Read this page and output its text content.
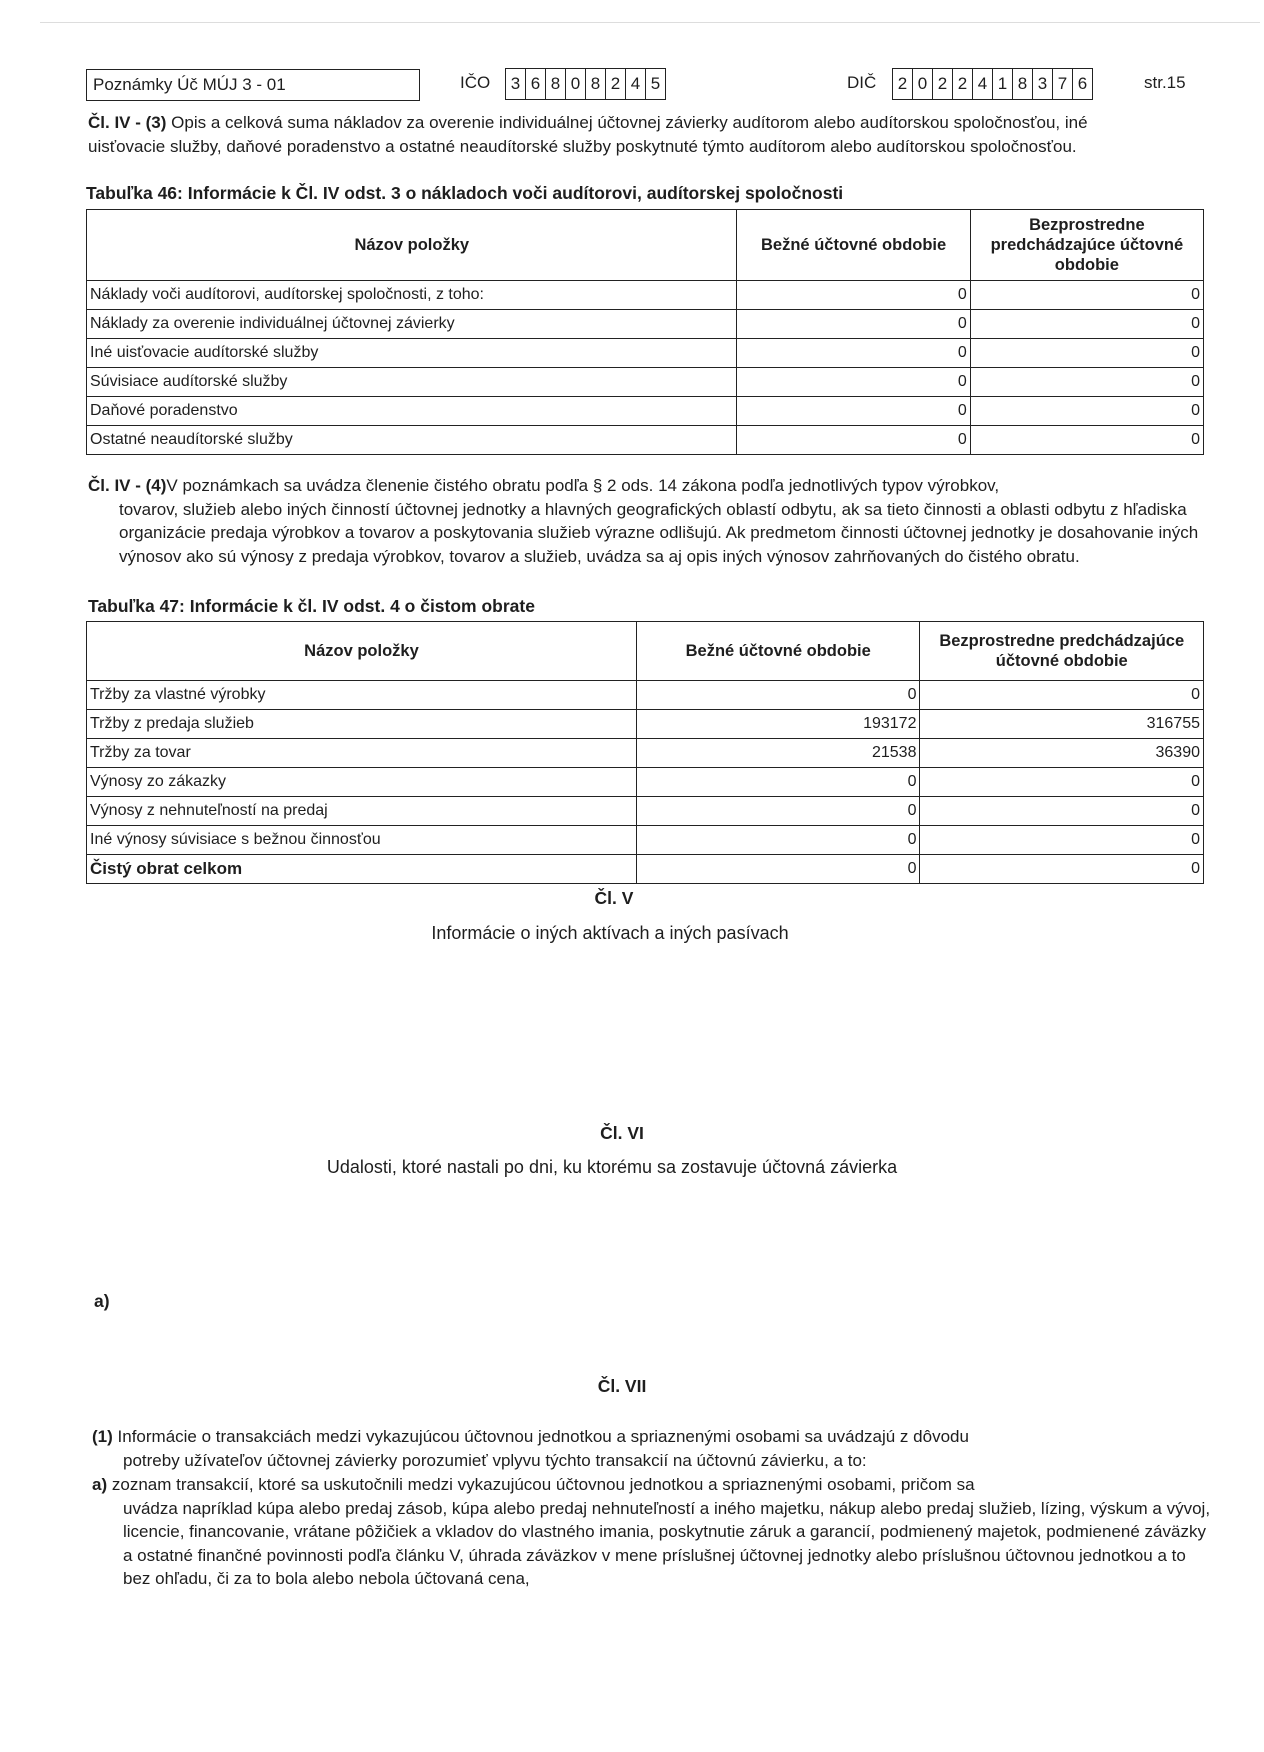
Poznámky Úč MÚJ 3 - 01	IČO 3 6 8 0 8 2 4 5	DIČ 2 0 2 2 4 1 8 3 7 6	str.15
Čl. IV - (3) Opis a celková suma nákladov za overenie individuálnej účtovnej závierky audítorom alebo audítorskou spoločnosťou, iné uisťovacie služby, daňové poradenstvo a ostatné neaudítorské služby poskytnuté týmto audítorom alebo audítorskou spoločnosťou.
Tabuľka 46: Informácie k Čl. IV odst. 3 o nákladoch voči audítorovi, audítorskej spoločnosti
Názov položky	Bežné účtovné obdobie	Bezprostredne predchádzajúce účtovné obdobie
Náklady voči audítorovi, audítorskej spoločnosti, z toho:	0	0
Náklady za overenie individuálnej účtovnej závierky	0	0
Iné uisťovacie audítorské služby	0	0
Súvisiace audítorské služby	0	0
Daňové poradenstvo	0	0
Ostatné neaudítorské služby	0	0
Čl. IV - (4)V poznámkach sa uvádza členenie čistého obratu podľa § 2 ods. 14 zákona podľa jednotlivých typov výrobkov,
tovarov, služieb alebo iných činností účtovnej jednotky a hlavných geografických oblastí odbytu, ak sa tieto činnosti a oblasti odbytu z hľadiska organizácie predaja výrobkov a tovarov a poskytovania služieb výrazne odlišujú. Ak predmetom činnosti účtovnej jednotky je dosahovanie iných výnosov ako sú výnosy z predaja výrobkov, tovarov a služieb, uvádza sa aj opis iných výnosov zahrňovaných do čistého obratu.
Tabuľka 47: Informácie k čl. IV odst. 4 o čistom obrate
Názov položky	Bežné účtovné obdobie	Bezprostredne predchádzajúce účtovné obdobie
Tržby za vlastné výrobky	0	0
Tržby z predaja služieb	193172	316755
Tržby za tovar	21538	36390
Výnosy zo zákazky	0	0
Výnosy z nehnuteľností na predaj	0	0
Iné výnosy súvisiace s bežnou činnosťou	0	0
Čistý obrat celkom	0	0
Čl. V
Informácie o iných aktívach a iných pasívach
Čl. VI
Udalosti, ktoré nastali po dni, ku ktorému sa zostavuje účtovná závierka
a)
Čl. VII
(1) Informácie o transakciách medzi vykazujúcou účtovnou jednotkou a spriaznenými osobami sa uvádzajú z dôvodu
potreby užívateľov účtovnej závierky porozumieť vplyvu týchto transakcií na účtovnú závierku, a to:
a) zoznam transakcií, ktoré sa uskutočnili medzi vykazujúcou účtovnou jednotkou a spriaznenými osobami, pričom sa
uvádza napríklad kúpa alebo predaj zásob, kúpa alebo predaj nehnuteľností a iného majetku, nákup alebo predaj služieb, lízing, výskum a vývoj, licencie, financovanie, vrátane pôžičiek a vkladov do vlastného imania, poskytnutie záruk a garancií, podmienený majetok, podmienené záväzky a ostatné finančné povinnosti podľa článku V, úhrada záväzkov v mene príslušnej účtovnej jednotky alebo príslušnou účtovnou jednotkou a to bez ohľadu, či za to bola alebo nebola účtovaná cena,
